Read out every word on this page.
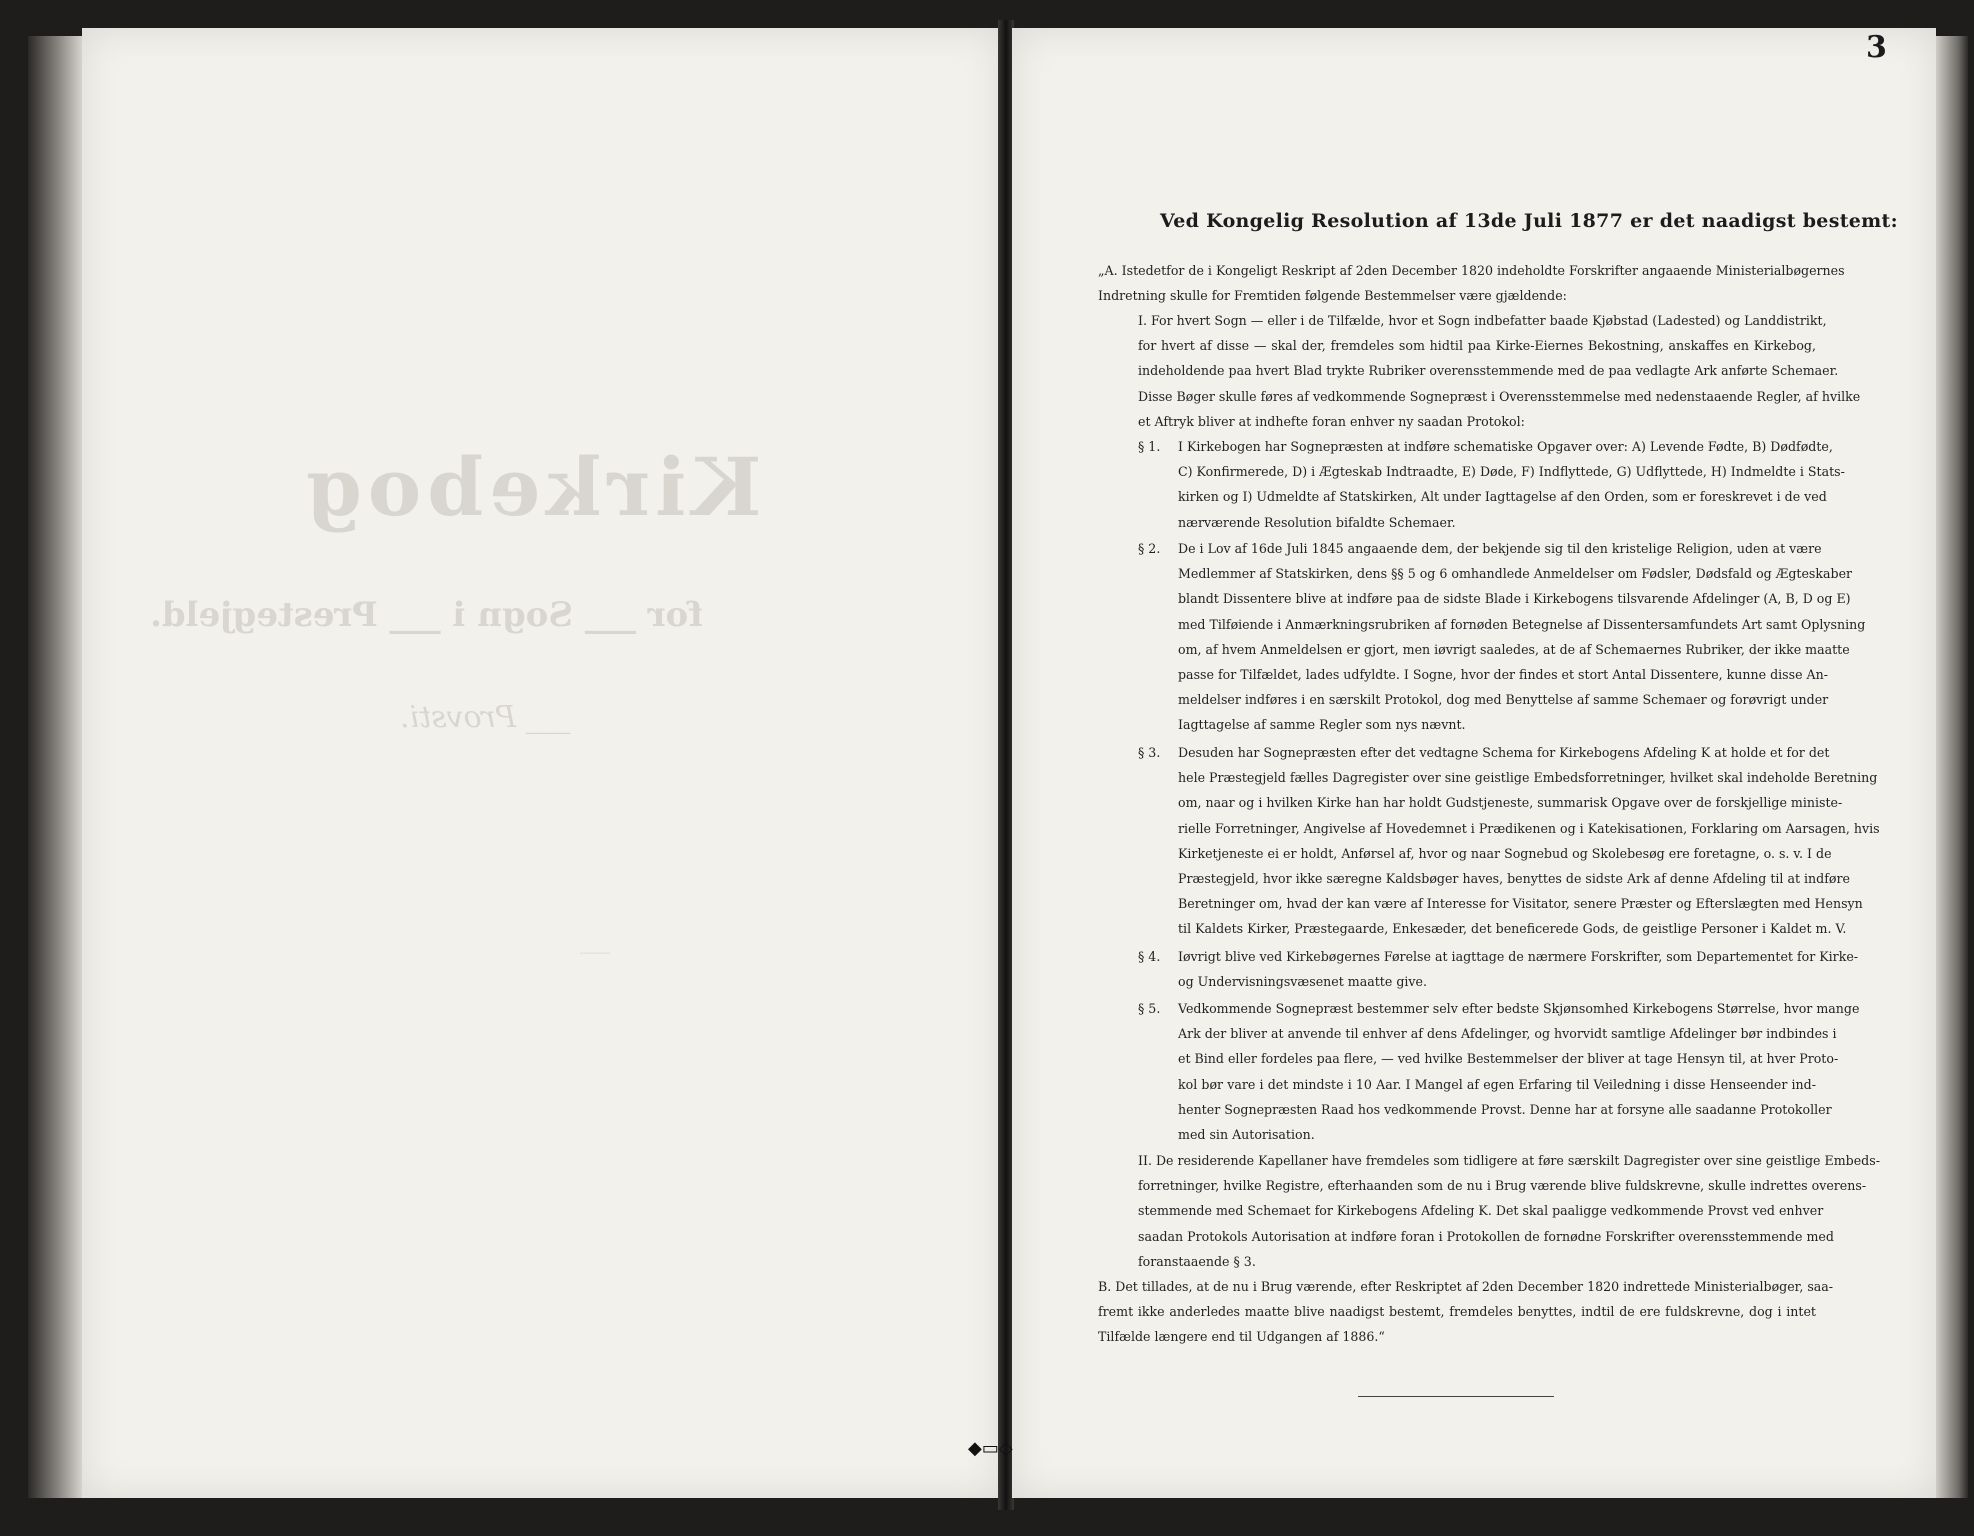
Kirkebog
for ___ Sogn i ___ Prestegjeld.
___ Provsti.
___
◆▭◇
3
Ved Kongelig Resolution af 13de Juli 1877 er det naadigst bestemt:
„A. Istedetfor de i Kongeligt Reskript af 2den December 1820 indeholdte Forskrifter angaaende Ministerialbøgernes
Indretning skulle for Fremtiden følgende Bestemmelser være gjældende:
I. For hvert Sogn — eller i de Tilfælde, hvor et Sogn indbefatter baade Kjøbstad (Ladested) og Landdistrikt,
for hvert af disse — skal der, fremdeles som hidtil paa Kirke-Eiernes Bekostning, anskaffes en Kirkebog,
indeholdende paa hvert Blad trykte Rubriker overensstemmende med de paa vedlagte Ark anførte Schemaer.
Disse Bøger skulle føres af vedkommende Sognepræst i Overensstemmelse med nedenstaaende Regler, af hvilke
et Aftryk bliver at indhefte foran enhver ny saadan Protokol:
§ 1. I Kirkebogen har Sognepræsten at indføre schematiske Opgaver over: A) Levende Fødte, B) Dødfødte,
C) Konfirmerede, D) i Ægteskab Indtraadte, E) Døde, F) Indflyttede, G) Udflyttede, H) Indmeldte i Stats-
kirken og I) Udmeldte af Statskirken, Alt under Iagttagelse af den Orden, som er foreskrevet i de ved
nærværende Resolution bifaldte Schemaer.
§ 2. De i Lov af 16de Juli 1845 angaaende dem, der bekjende sig til den kristelige Religion, uden at være
Medlemmer af Statskirken, dens §§ 5 og 6 omhandlede Anmeldelser om Fødsler, Dødsfald og Ægteskaber
blandt Dissentere blive at indføre paa de sidste Blade i Kirkebogens tilsvarende Afdelinger (A, B, D og E)
med Tilføiende i Anmærkningsrubriken af fornøden Betegnelse af Dissentersamfundets Art samt Oplysning
om, af hvem Anmeldelsen er gjort, men iøvrigt saaledes, at de af Schemaernes Rubriker, der ikke maatte
passe for Tilfældet, lades udfyldte. I Sogne, hvor der findes et stort Antal Dissentere, kunne disse An-
meldelser indføres i en særskilt Protokol, dog med Benyttelse af samme Schemaer og forøvrigt under
Iagttagelse af samme Regler som nys nævnt.
§ 3. Desuden har Sognepræsten efter det vedtagne Schema for Kirkebogens Afdeling K at holde et for det
hele Præstegjeld fælles Dagregister over sine geistlige Embedsforretninger, hvilket skal indeholde Beretning
om, naar og i hvilken Kirke han har holdt Gudstjeneste, summarisk Opgave over de forskjellige ministe-
rielle Forretninger, Angivelse af Hovedemnet i Prædikenen og i Katekisationen, Forklaring om Aarsagen, hvis
Kirketjeneste ei er holdt, Anførsel af, hvor og naar Sognebud og Skolebesøg ere foretagne, o. s. v. I de
Præstegjeld, hvor ikke særegne Kaldsbøger haves, benyttes de sidste Ark af denne Afdeling til at indføre
Beretninger om, hvad der kan være af Interesse for Visitator, senere Præster og Efterslægten med Hensyn
til Kaldets Kirker, Præstegaarde, Enkesæder, det beneficerede Gods, de geistlige Personer i Kaldet m. V.
§ 4. Iøvrigt blive ved Kirkebøgernes Førelse at iagttage de nærmere Forskrifter, som Departementet for Kirke-
og Undervisningsvæsenet maatte give.
§ 5. Vedkommende Sognepræst bestemmer selv efter bedste Skjønsomhed Kirkebogens Størrelse, hvor mange
Ark der bliver at anvende til enhver af dens Afdelinger, og hvorvidt samtlige Afdelinger bør indbindes i
et Bind eller fordeles paa flere, — ved hvilke Bestemmelser der bliver at tage Hensyn til, at hver Proto-
kol bør vare i det mindste i 10 Aar. I Mangel af egen Erfaring til Veiledning i disse Henseender ind-
henter Sognepræsten Raad hos vedkommende Provst. Denne har at forsyne alle saadanne Protokoller
med sin Autorisation.
II. De residerende Kapellaner have fremdeles som tidligere at føre særskilt Dagregister over sine geistlige Embeds-
forretninger, hvilke Registre, efterhaanden som de nu i Brug værende blive fuldskrevne, skulle indrettes overens-
stemmende med Schemaet for Kirkebogens Afdeling K. Det skal paaligge vedkommende Provst ved enhver
saadan Protokols Autorisation at indføre foran i Protokollen de fornødne Forskrifter overensstemmende med
foranstaaende § 3.
B. Det tillades, at de nu i Brug værende, efter Reskriptet af 2den December 1820 indrettede Ministerialbøger, saa-
fremt ikke anderledes maatte blive naadigst bestemt, fremdeles benyttes, indtil de ere fuldskrevne, dog i intet
Tilfælde længere end til Udgangen af 1886.“
